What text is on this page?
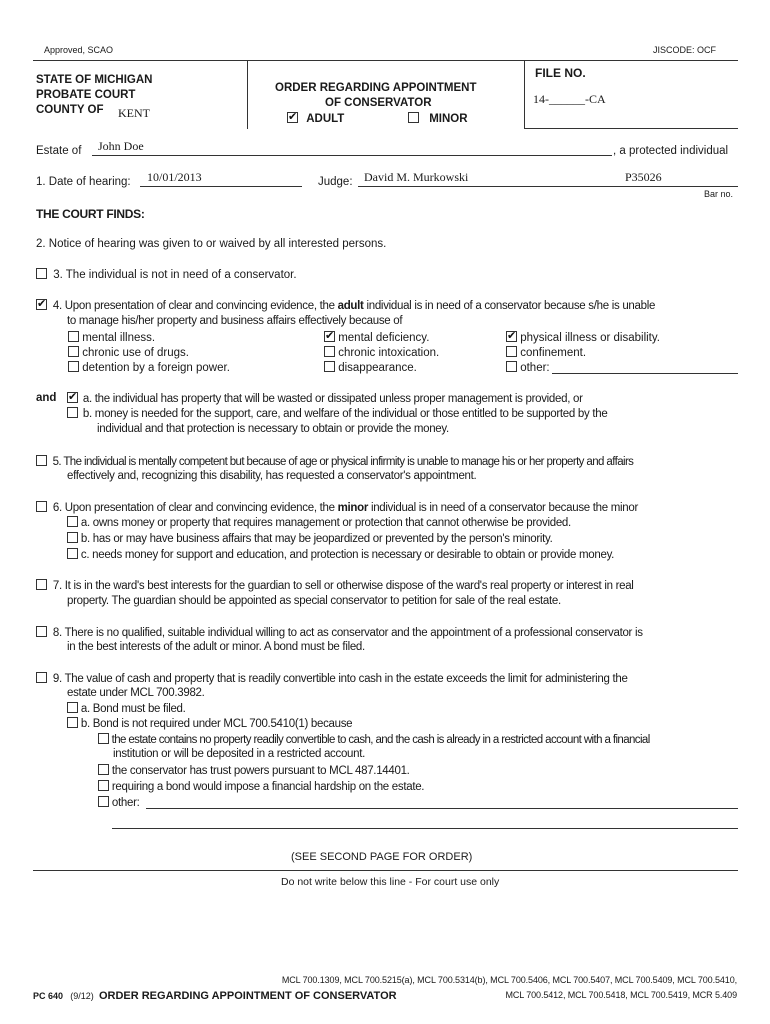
Approved, SCAO	JISCODE: OCF
STATE OF MICHIGAN
PROBATE COURT
COUNTY OF	KENT
ORDER REGARDING APPOINTMENT
OF CONSERVATOR
✔ ADULT	MINOR
FILE NO.
14-______-CA
Estate of John Doe	, a protected individual
1. Date of hearing: 10/01/2013	Judge: David M. Murkowski	P35026
Bar no.
THE COURT FINDS:
2. Notice of hearing was given to or waived by all interested persons.
3. The individual is not in need of a conservator.
✔ 4. Upon presentation of clear and convincing evidence, the adult individual is in need of a conservator because s/he is unable
to manage his/her property and business affairs effectively because of
mental illness. ✔	mental deficiency. ✔	physical illness or disability.
chronic use of drugs.	chronic intoxication.	confinement.
detention by a foreign power.	disappearance.	other:
and ✔	a. the individual has property that will be wasted or dissipated unless proper management is provided, or
b. money is needed for the support, care, and welfare of the individual or those entitled to be supported by the
individual and that protection is necessary to obtain or provide the money.
5. The individual is mentally competent but because of age or physical infirmity is unable to manage his or her property and affairs
effectively and, recognizing this disability, has requested a conservator's appointment.
6. Upon presentation of clear and convincing evidence, the minor individual is in need of a conservator because the minor
a. owns money or property that requires management or protection that cannot otherwise be provided.
b. has or may have business affairs that may be jeopardized or prevented by the person's minority.
c. needs money for support and education, and protection is necessary or desirable to obtain or provide money.
7. It is in the ward's best interests for the guardian to sell or otherwise dispose of the ward's real property or interest in real
property. The guardian should be appointed as special conservator to petition for sale of the real estate.
8. There is no qualified, suitable individual willing to act as conservator and the appointment of a professional conservator is
in the best interests of the adult or minor. A bond must be filed.
9. The value of cash and property that is readily convertible into cash in the estate exceeds the limit for administering the
estate under MCL 700.3982.
a. Bond must be filed.
b. Bond is not required under MCL 700.5410(1) because
the estate contains no property readily convertible to cash, and the cash is already in a restricted account with a financial
institution or will be deposited in a restricted account.
the conservator has trust powers pursuant to MCL 487.14401.
requiring a bond would impose a financial hardship on the estate.
other:
(SEE SECOND PAGE FOR ORDER)
Do not write below this line - For court use only
PC 640 (9/12) ORDER REGARDING APPOINTMENT OF CONSERVATOR
MCL 700.1309, MCL 700.5215(a), MCL 700.5314(b), MCL 700.5406, MCL 700.5407, MCL 700.5409, MCL 700.5410,
MCL 700.5412, MCL 700.5418, MCL 700.5419, MCR 5.409
